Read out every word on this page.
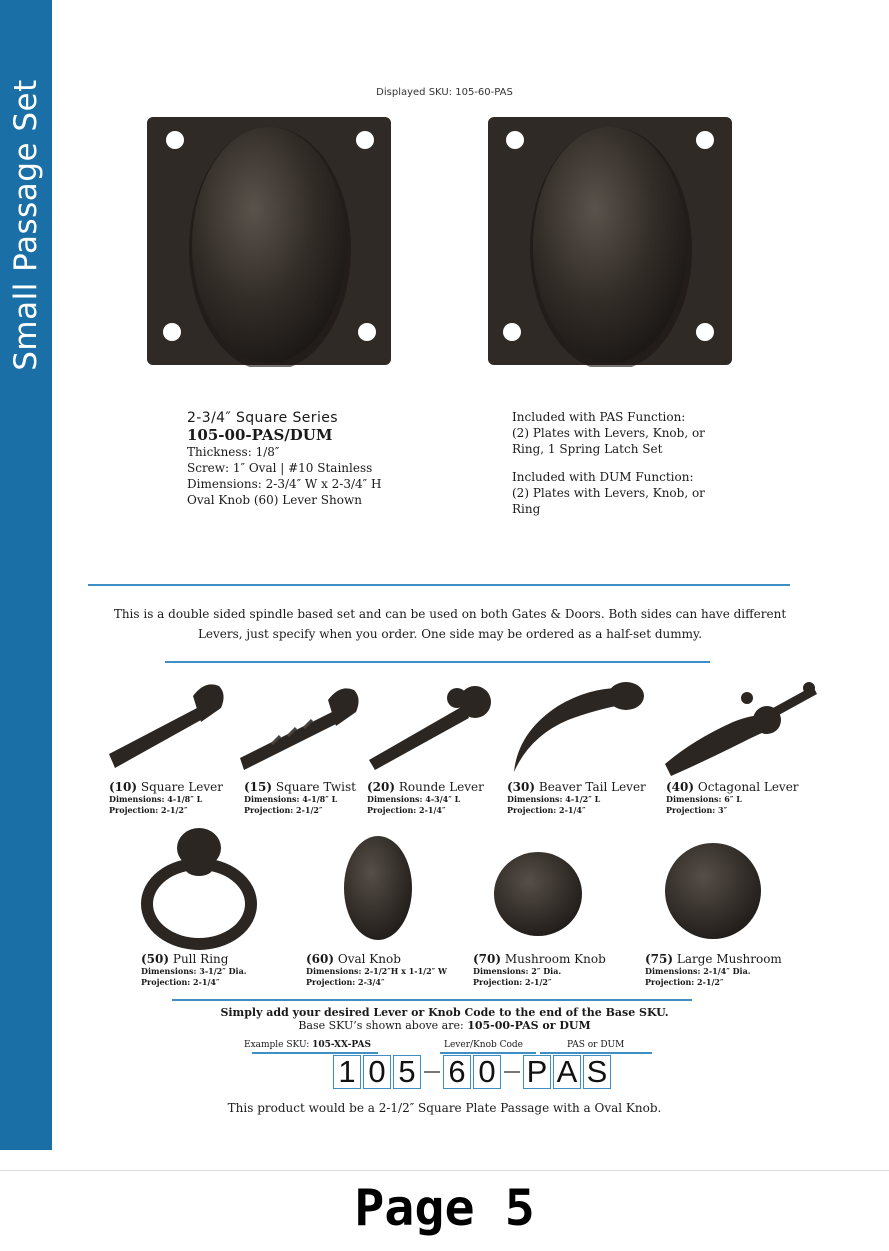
Small Passage Set	Displayed SKU: 105-60-PAS
2-3/4″ Square Series
105-00-PAS/DUM
Thickness: 1/8″
Screw: 1″ Oval | #10 Stainless
Dimensions: 2-3/4″ W x 2-3/4″ H
Oval Knob (60) Lever Shown

Included with PAS Function:
(2) Plates with Levers, Knob, or Ring, 1 Spring Latch Set

Included with DUM Function:
(2) Plates with Levers, Knob, or Ring

This is a double sided spindle based set and can be used on both Gates & Doors. Both sides can have different
Levers, just specify when you order. One side may be ordered as a half-set dummy.
(10) Square Lever
Dimensions: 4-1/8″ L
Projection: 2-1/2″
(15) Square Twist
Dimensions: 4-1/8″ L
Projection: 2-1/2″
(20) Rounde Lever
Dimensions: 4-3/4″ L
Projection: 2-1/4″
(30) Beaver Tail Lever
Dimensions: 4-1/2″ L
Projection: 2-1/4″
(40) Octagonal Lever
Dimensions: 6″ L
Projection: 3″
(50) Pull Ring
Dimensions: 3-1/2″ Dia.
Projection: 2-1/4″
(60) Oval Knob
Dimensions: 2-1/2″H x 1-1/2″ W
Projection: 2-3/4″
(70) Mushroom Knob
Dimensions: 2″ Dia.
Projection: 2-1/2″
(75) Large Mushroom
Dimensions: 2-1/4″ Dia.
Projection: 2-1/2″
Simply add your desired Lever or Knob Code to the end of the Base SKU.
Base SKU’s shown above are: 105-00-PAS or DUM
Example SKU: 105-XX-PAS	Lever/Knob Code	PAS or DUM
1 0 5 6 0 P A S
This product would be a 2-1/2″ Square Plate Passage with a Oval Knob.
Page 5
